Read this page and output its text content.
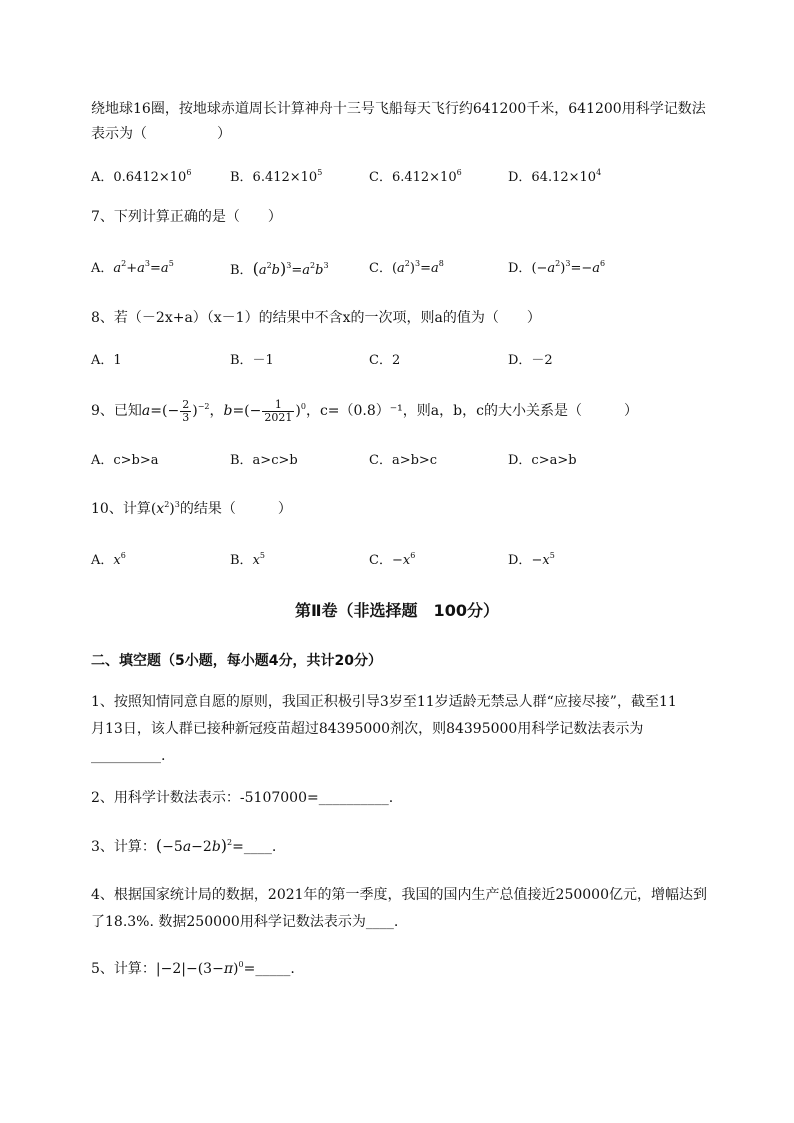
绕地球16圈，按地球赤道周长计算神舟十三号飞船每天飞行约641200千米，641200用科学记数法
表示为（　　　　　）
A．$0.6412\times 10^6$	B．$6.412\times 10^5$	C．$6.412\times 10^6$	D．$64.12\times 10^4$
7、下列计算正确的是（　　）
A．$a^2+a^3=a^5$	B．$(a^2b)^3=a^2b^3$	C．$(a^2)^3=a^8$	D．$(-a^2)^3=-a^6$
8、若（－2x+a）（x－1）的结果中不含x的一次项，则a的值为（　　）
A．1	B．－1	C．2	D．－2
9、已知$a=(- \frac{2}{3} )^{-2}$，$b=(- \frac{1}{2021} )^0$，c=（0.8）⁻¹，则a，b，c的大小关系是（　　　）
A．c>b>a	B．a>c>b	C．a>b>c	D．c>a>b
10、计算$(x^2)^3$的结果（　　　）
A．$x^6$	B．$x^5$	C．$-x^6$	D．$-x^5$
第Ⅱ卷（非选择题　100分）
二、填空题（5小题，每小题4分，共计20分）
1、按照知情同意自愿的原则，我国正积极引导3岁至11岁适龄无禁忌人群“应接尽接”，截至11
月13日，该人群已接种新冠疫苗超过84395000剂次，则84395000用科学记数法表示为
__________.
2、用科学计数法表示：-5107000=__________.
3、计算：$(-5a-2b)^2=\_\_\_\_$.
4、根据国家统计局的数据，2021年的第一季度，我国的国内生产总值接近250000亿元，增幅达到
了18.3%. 数据250000用科学记数法表示为____.
5、计算：$|-2|-(3-\pi)^0=\_\_\_\_\_$.
